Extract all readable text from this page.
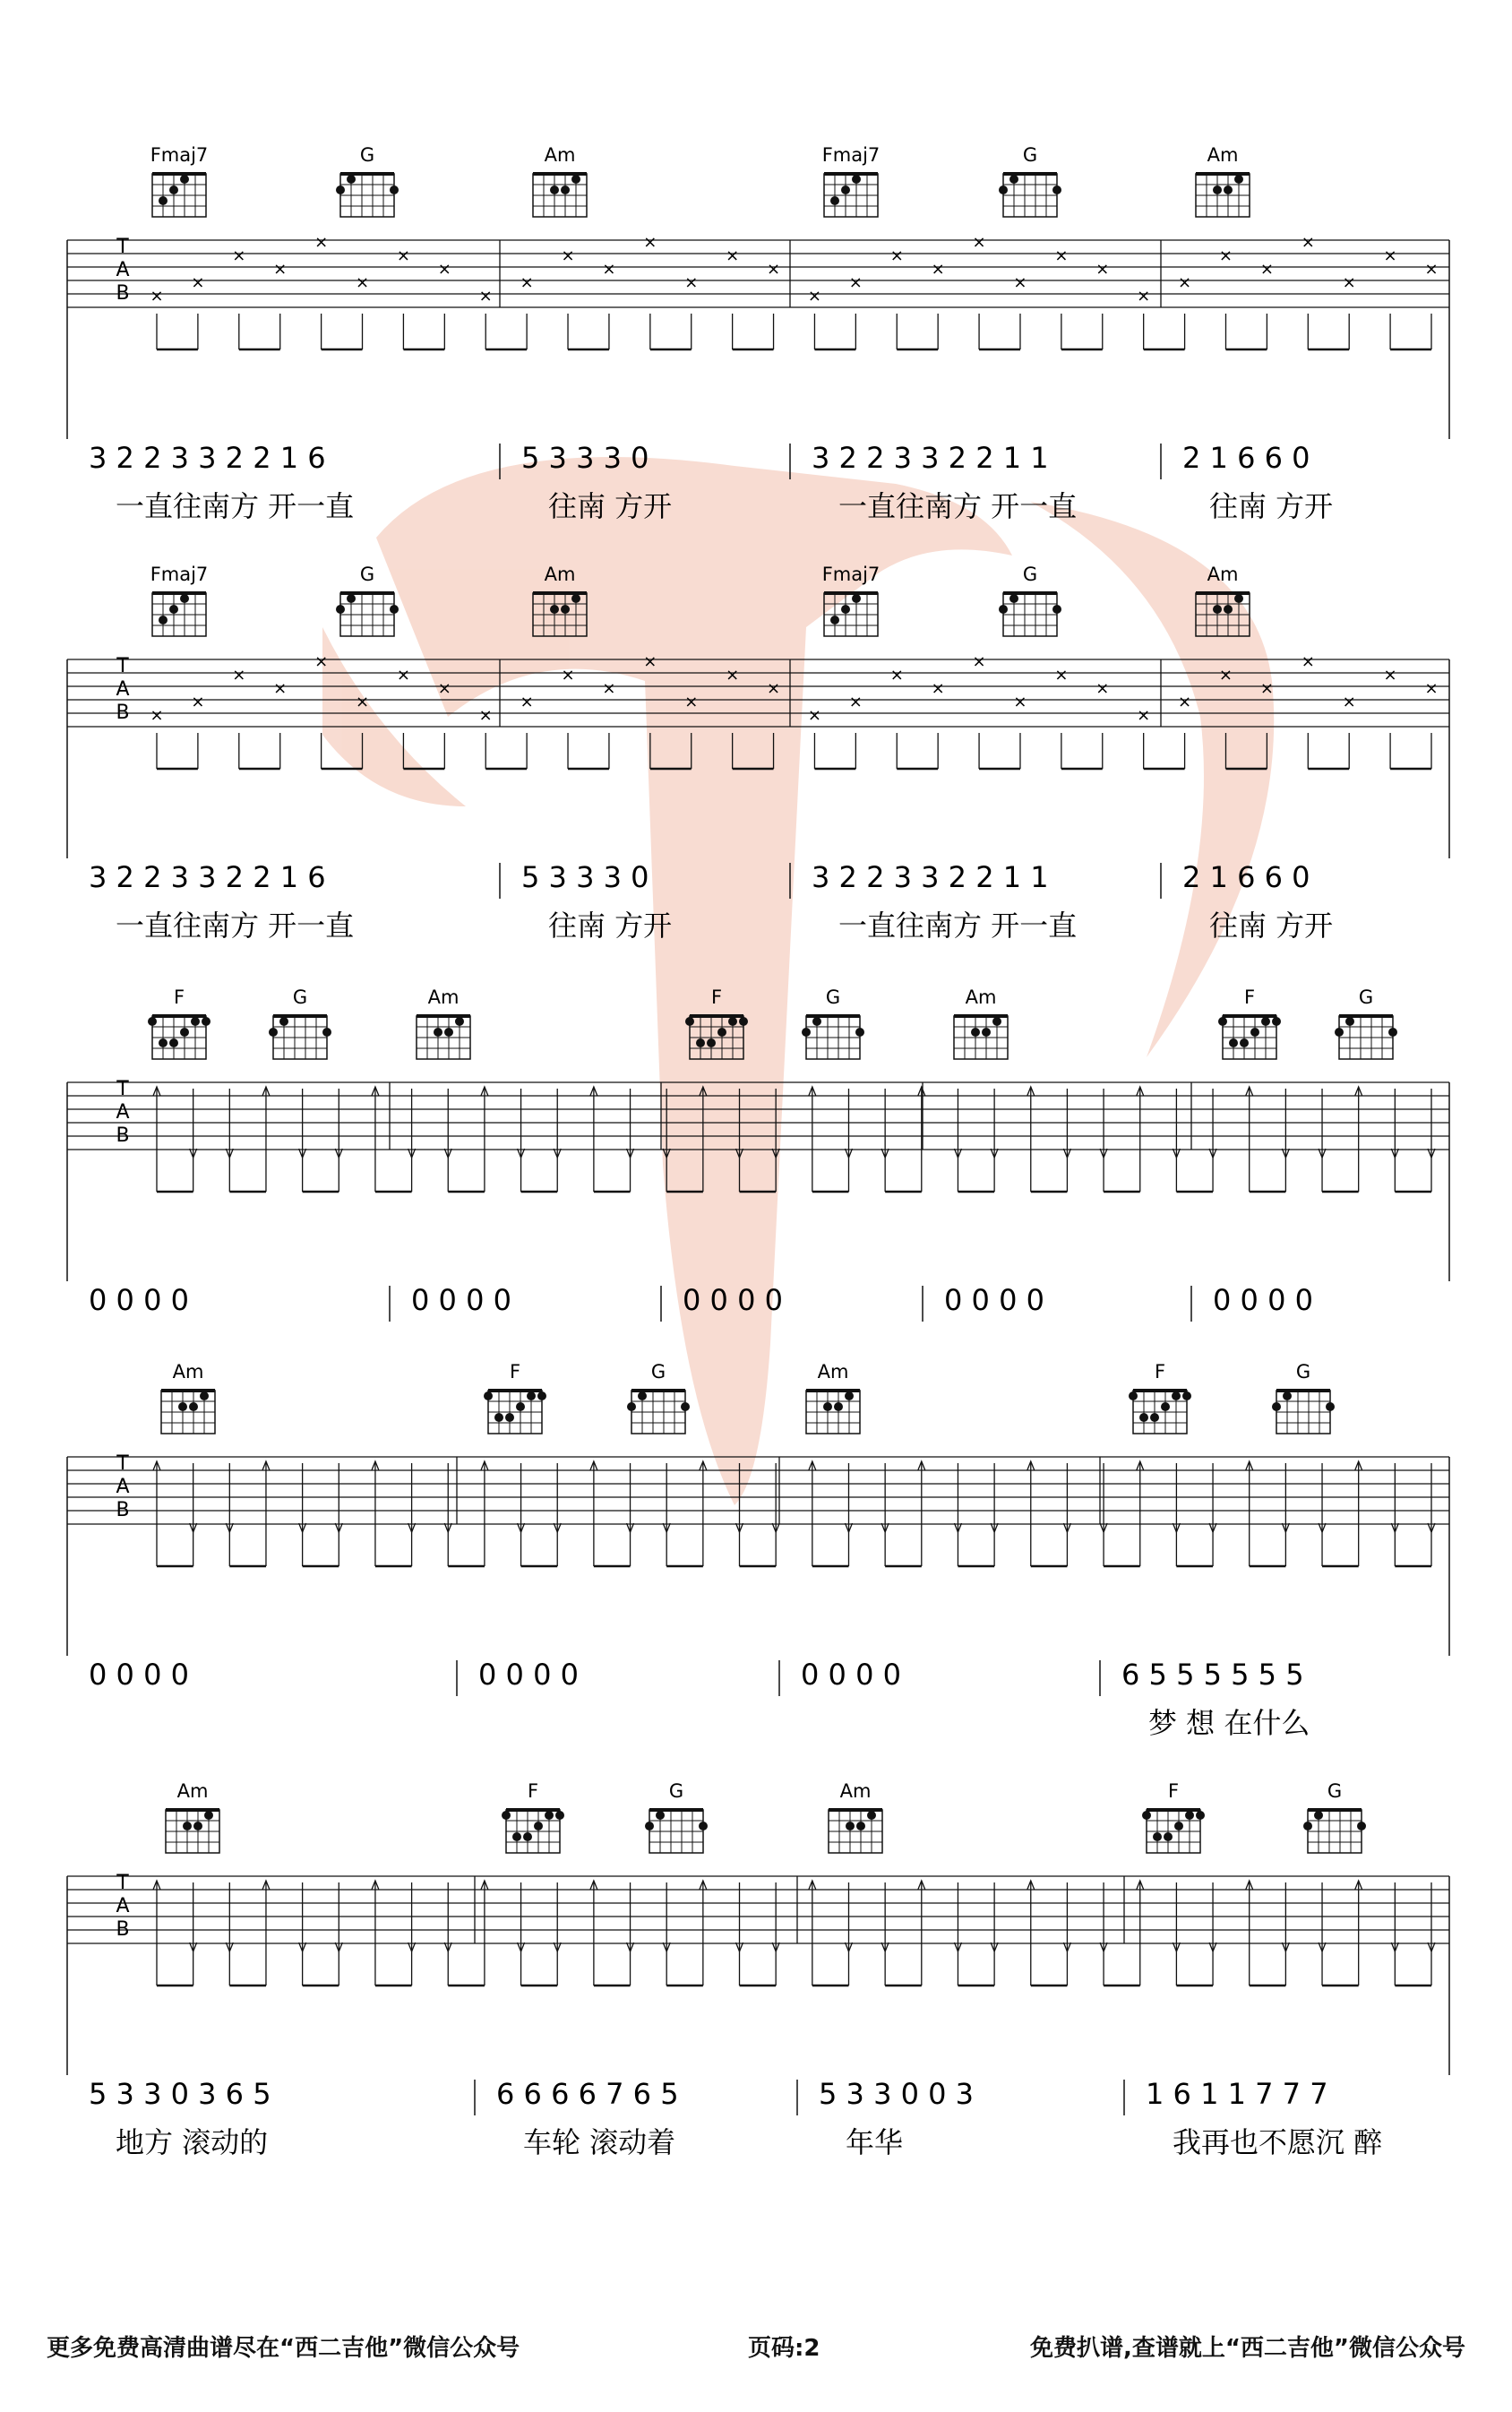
T
A
B ×
×
×
×
×
×
×
×
×
×
×
×
×
×
×
×
×
×
×
×
×
×
×
×
×
×
×
×
×
×
×
×
3 2 2 3 3 2 2 1 6
一直往南方 开一直
5 3 3 3 0
往南 方开
3 2 2 3 3 2 2 1 1
一直往南方 开一直
2 1 6 6 0
往南 方开
Fmaj7	G	Am	Fmaj7	G	Am
T
A
B ×
×
×
×
×
×
×
×
×
×
×
×
×
×
×
×
×
×
×
×
×
×
×
×
×
×
×
×
×
×
×
×
3 2 2 3 3 2 2 1 6
一直往南方 开一直
5 3 3 3 0
往南 方开
3 2 2 3 3 2 2 1 1
一直往南方 开一直
2 1 6 6 0
往南 方开
Fmaj7	G	Am	Fmaj7	G	Am
T
A
B
0 0 0 0	0 0 0 0	0 0 0 0	0 0 0 0	0 0 0 0
F	G	Am	F	G	Am	F	G
T
A
B
0 0 0 0	0 0 0 0	0 0 0 0	6 5 5 5 5 5 5
梦 想 在什么
Am	F	G	Am	F	G
T
A
B
5 3 3 0 3 6 5
地方 滚动的
6 6 6 6 7 6 5
车轮 滚动着
5 3 3 0 0 3
年华
1 6 1 1 7 7 7
我再也不愿沉 醉
Am	F	G	Am	F	G
更多免费高清曲谱尽在“西二吉他”微信公众号	页码:2	免费扒谱,查谱就上“西二吉他”微信公众号
